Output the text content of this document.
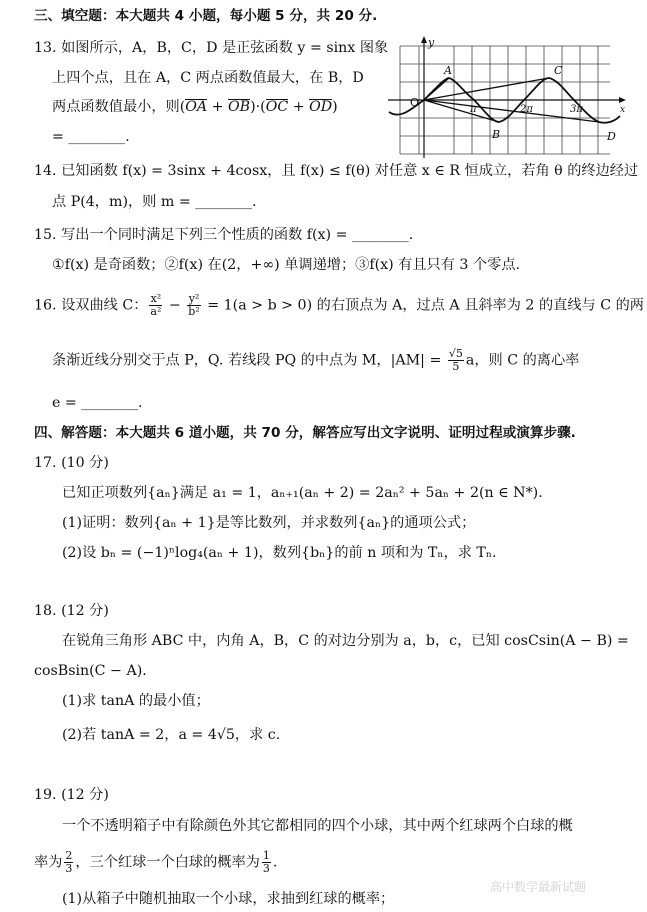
三、填空题：本大题共 4 小题，每小题 5 分，共 20 分.
13. 如图所示，A，B，C，D 是正弦函数 y = sinx 图象
上四个点，且在 A，C 两点函数值最大，在 B，D
两点函数值最小，则(OA + OB)·(OC + OD)
= ________.
y
x
O
A
B
C
D
π	2π	3π
14. 已知函数 f(x) = 3sinx + 4cosx，且 f(x) ≤ f(θ) 对任意 x ∈ R 恒成立，若角 θ 的终边经过
点 P(4，m)，则 m = ________.
15. 写出一个同时满足下列三个性质的函数 f(x) = ________.
①f(x) 是奇函数；②f(x) 在(2，+∞) 单调递增；③f(x) 有且只有 3 个零点.
16. 设双曲线 C： $\frac{\text{x²}}{\text{a²}} - \frac{\text{y²}}{\text{b²}} = 1(a > b > 0)$ 的右顶点为 A，过点 A 且斜率为 2 的直线与 C 的两
条渐近线分别交于点 P，Q. 若线段 PQ 的中点为 M，$|AM| = \frac{√5}{5}$ a，则 C 的离心率
e = ________.
四、解答题：本大题共 6 道小题，共 70 分，解答应写出文字说明、证明过程或演算步骤.
17. (10 分)
已知正项数列{aₙ}满足 a₁ = 1，aₙ₊₁(aₙ + 2) = 2aₙ² + 5aₙ + 2(n ∈ N*).
(1)证明：数列{aₙ + 1}是等比数列，并求数列{aₙ}的通项公式；
(2)设 bₙ = (−1)ⁿlog₄(aₙ + 1)，数列{bₙ}的前 n 项和为 Tₙ，求 Tₙ.
18. (12 分)
在锐角三角形 ABC 中，内角 A，B，C 的对边分别为 a，b，c，已知 cosCsin(A − B) =
cosBsin(C − A).
(1)求 tanA 的最小值；
(2)若 tanA = 2，a = 4√5，求 c.
19. (12 分)
一个不透明箱子中有除颜色外其它都相同的四个小球，其中两个红球两个白球的概
率为 $\frac{2}{3}$ ，三个红球一个白球的概率为 $\frac{1}{3}$ .
(1)从箱子中随机抽取一个小球，求抽到红球的概率；
高中数学最新试题
